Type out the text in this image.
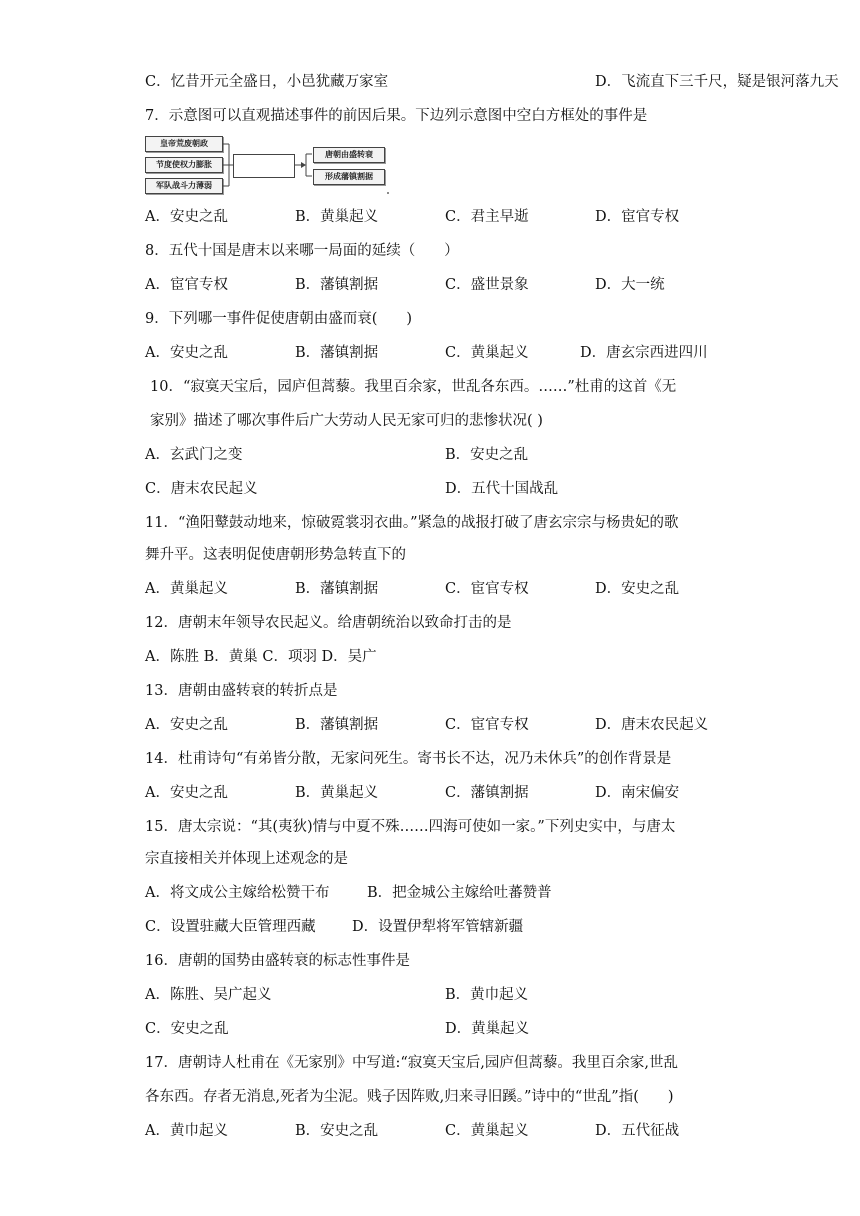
C．忆昔开元全盛日，小邑犹藏万家室	D．飞流直下三千尺，疑是银河落九天
7．示意图可以直观描述事件的前因后果。下边列示意图中空白方框处的事件是
皇帝荒废朝政
节度使权力膨胀
军队战斗力薄弱
唐朝由盛转衰
形成藩镇割据
A．安史之乱	B．黄巢起义	C．君主早逝	D．宦官专权
8．五代十国是唐末以来哪一局面的延续（　　）
A．宦官专权	B．藩镇割据	C．盛世景象	D．大一统
9．下列哪一事件促使唐朝由盛而衰(　　)
A．安史之乱	B．藩镇割据	C．黄巢起义	D．唐玄宗西进四川
10．“寂寞天宝后，园庐但蒿藜。我里百余家，世乱各东西。……”杜甫的这首《无
家别》描述了哪次事件后广大劳动人民无家可归的悲惨状况( )
A．玄武门之变	B．安史之乱
C．唐末农民起义	D．五代十国战乱
11．“渔阳鼙鼓动地来，惊破霓裳羽衣曲。”紧急的战报打破了唐玄宗宗与杨贵妃的歌
舞升平。这表明促使唐朝形势急转直下的
A．黄巢起义	B．藩镇割据	C．宦官专权	D．安史之乱
12．唐朝末年领导农民起义。给唐朝统治以致命打击的是
A．陈胜 B．黄巢 C．项羽 D．吴广
13．唐朝由盛转衰的转折点是
A．安史之乱	B．藩镇割据	C．宦官专权	D．唐末农民起义
14．杜甫诗句“有弟皆分散，无家问死生。寄书长不达，况乃未休兵”的创作背景是
A．安史之乱	B．黄巢起义	C．藩镇割据	D．南宋偏安
15．唐太宗说：“其(夷狄)情与中夏不殊……四海可使如一家。”下列史实中，与唐太
宗直接相关并体现上述观念的是
A．将文成公主嫁给松赞干布	B．把金城公主嫁给吐蕃赞普
C．设置驻藏大臣管理西藏	D．设置伊犁将军管辖新疆
16．唐朝的国势由盛转衰的标志性事件是
A．陈胜、吴广起义	B．黄巾起义
C．安史之乱	D．黄巢起义
17．唐朝诗人杜甫在《无家别》中写道:“寂寞天宝后,园庐但蒿藜。我里百余家,世乱
各东西。存者无消息,死者为尘泥。贱子因阵败,归来寻旧蹊。”诗中的“世乱”指(　　)
A．黄巾起义	B．安史之乱	C．黄巢起义	D．五代征战
